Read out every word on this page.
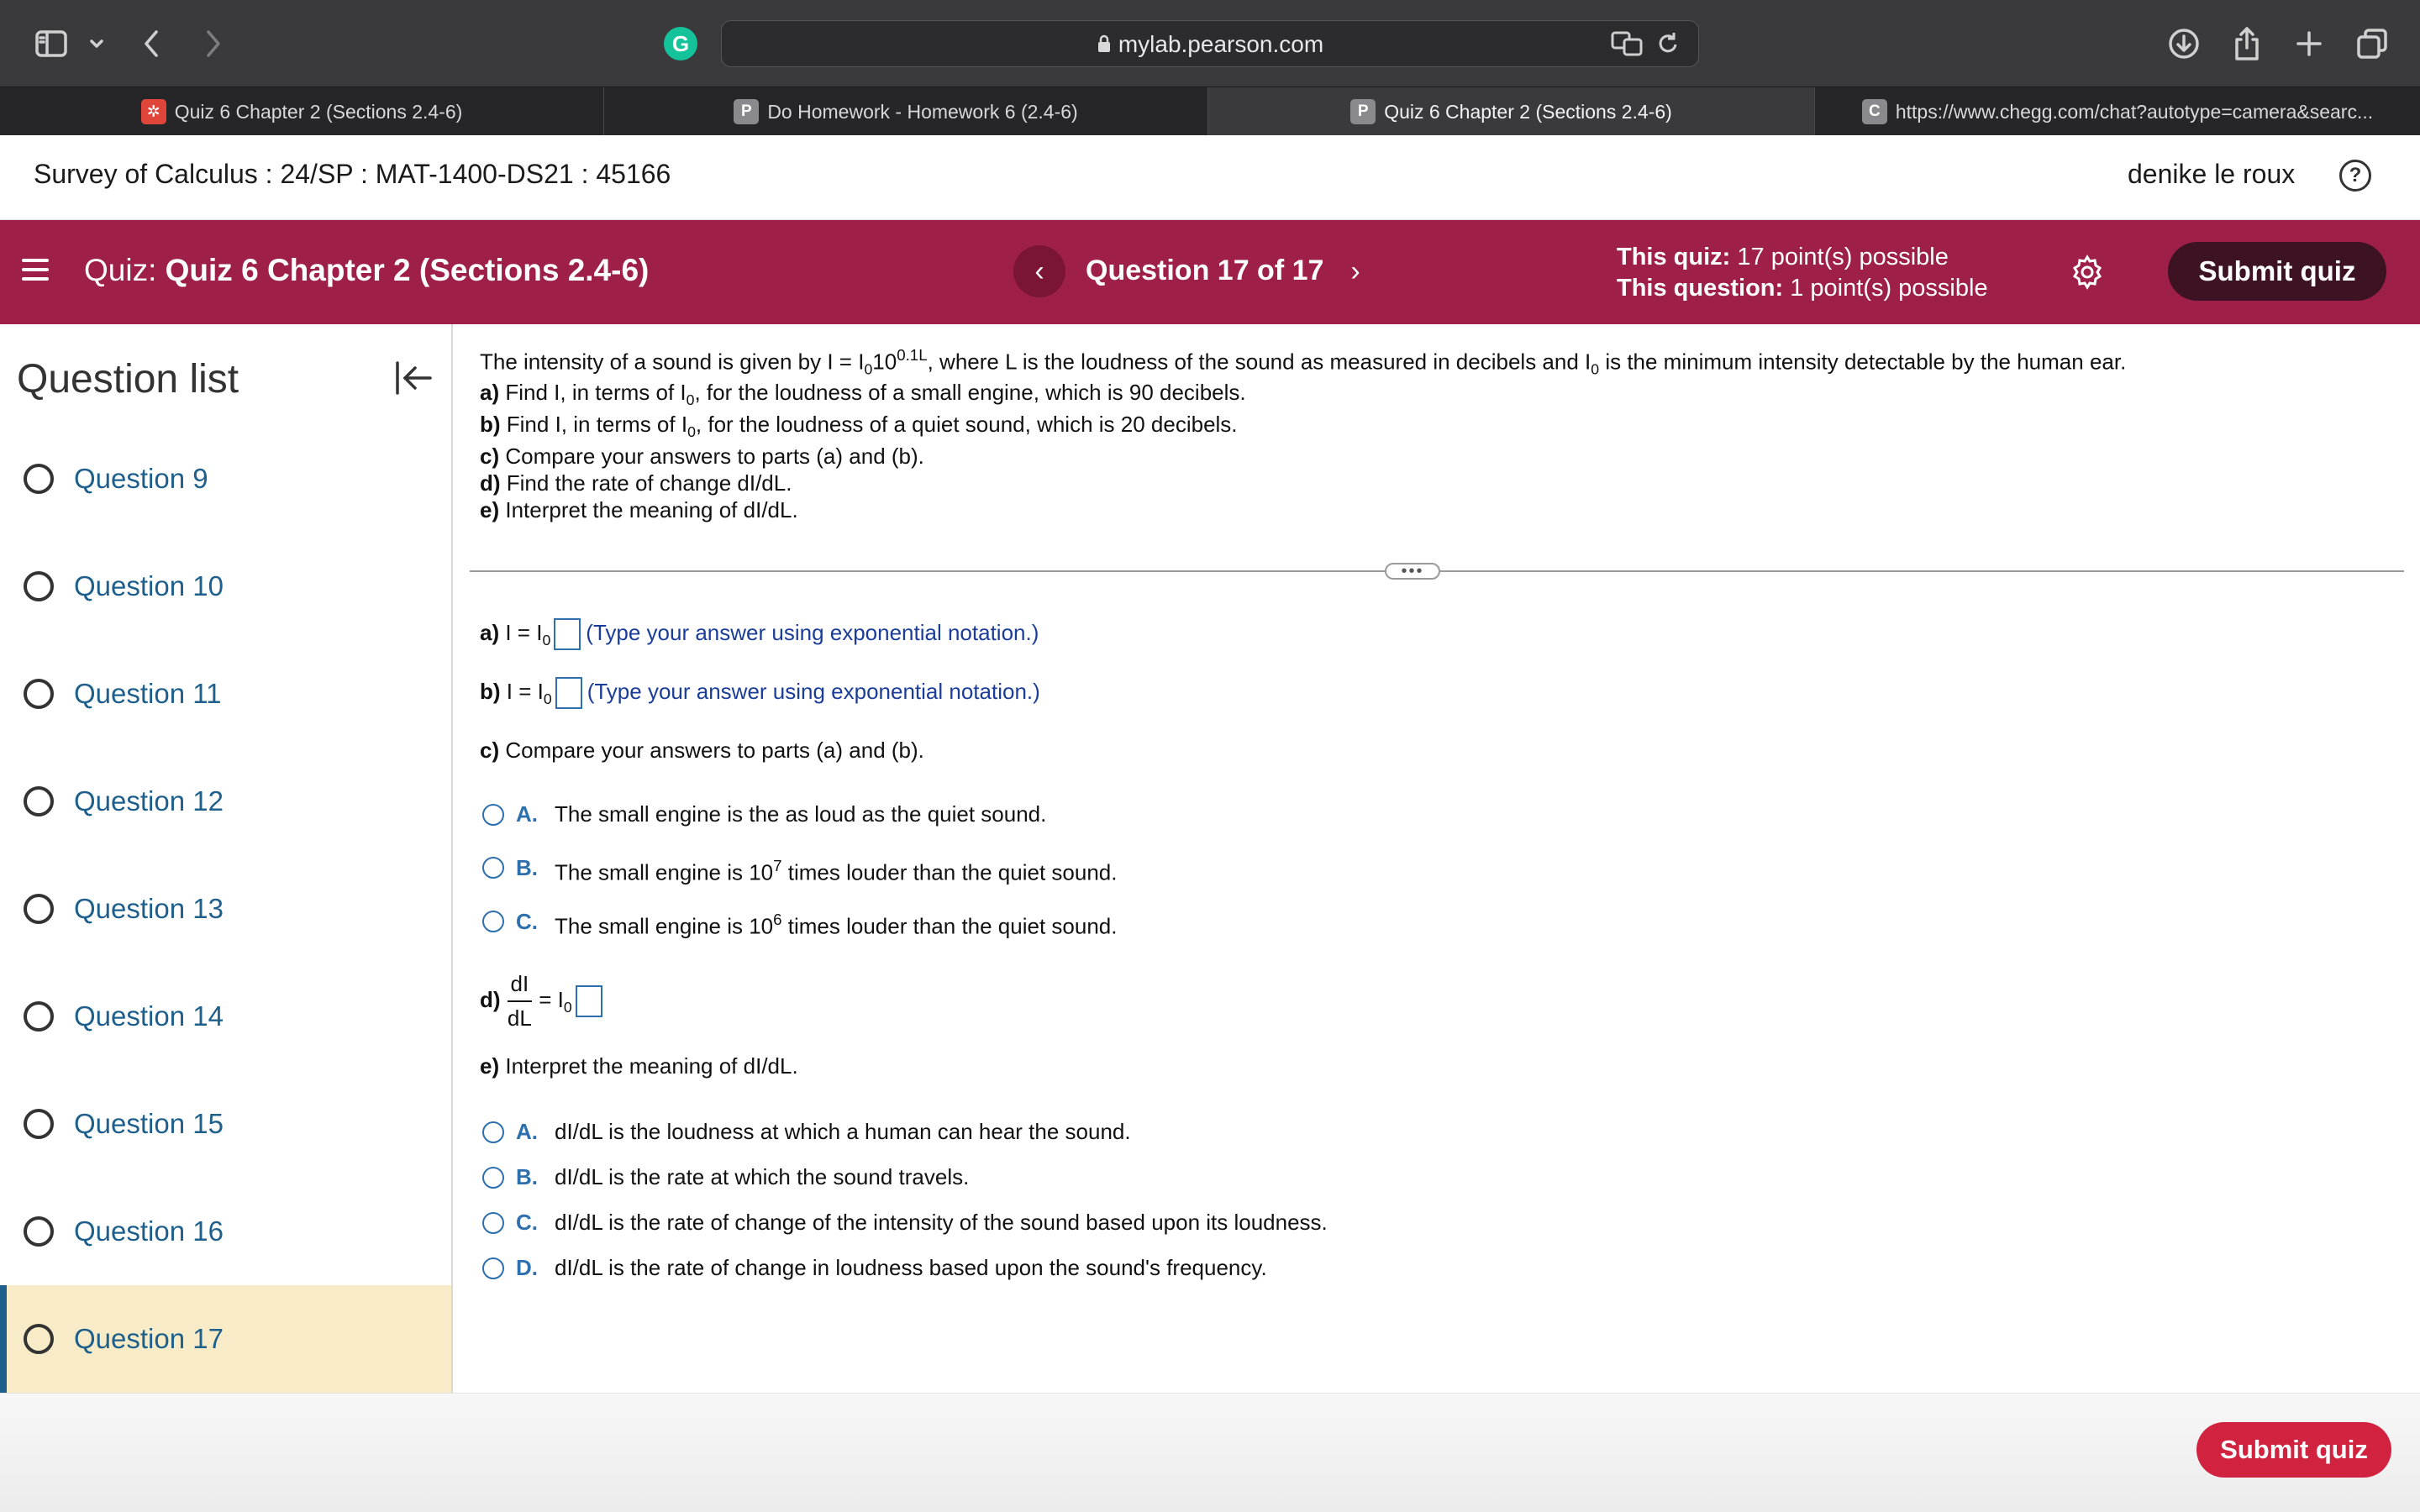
G	mylab.pearson.com
✲ Quiz 6 Chapter 2 (Sections 2.4-6)	P Do Homework - Homework 6 (2.4-6)	P Quiz 6 Chapter 2 (Sections 2.4-6)	C https://www.chegg.com/chat?autotype=camera&searc...
Survey of Calculus : 24/SP : MAT-1400-DS21 : 45166	denike le roux	?
Quiz: Quiz 6 Chapter 2 (Sections 2.4-6)	‹ Question 17 of 17 ›	This quiz: 17 point(s) possible
This question: 1 point(s) possible
Submit quiz
Question list
Question 9
Question 10
Question 11
Question 12
Question 13
Question 14
Question 15
Question 16
Question 17
The intensity of a sound is given by $I = I_010^{0.1L}$, where L is the loudness of the sound as measured in decibels and $I_0$ is the minimum intensity detectable by the human ear.
a) Find I, in terms of $I_0$, for the loudness of a small engine, which is 90 decibels.
b) Find I, in terms of $I_0$, for the loudness of a quiet sound, which is 20 decibels.
c) Compare your answers to parts (a) and (b).
d) Find the rate of change dI/dL.
e) Interpret the meaning of dI/dL.
•••
a) $I = I_0$ (Type your answer using exponential notation.)
b) $I = I_0$ (Type your answer using exponential notation.)
c) Compare your answers to parts (a) and (b).
A. The small engine is the as loud as the quiet sound.
B. The small engine is $10^7$ times louder than the quiet sound.
C. The small engine is $10^6$ times louder than the quiet sound.
$d) \frac{dI}{dL} = I_0$
e) Interpret the meaning of dI/dL.
A. dI/dL is the loudness at which a human can hear the sound.
B. dI/dL is the rate at which the sound travels.
C. dI/dL is the rate of change of the intensity of the sound based upon its loudness.
D. dI/dL is the rate of change in loudness based upon the sound's frequency.
Submit quiz
